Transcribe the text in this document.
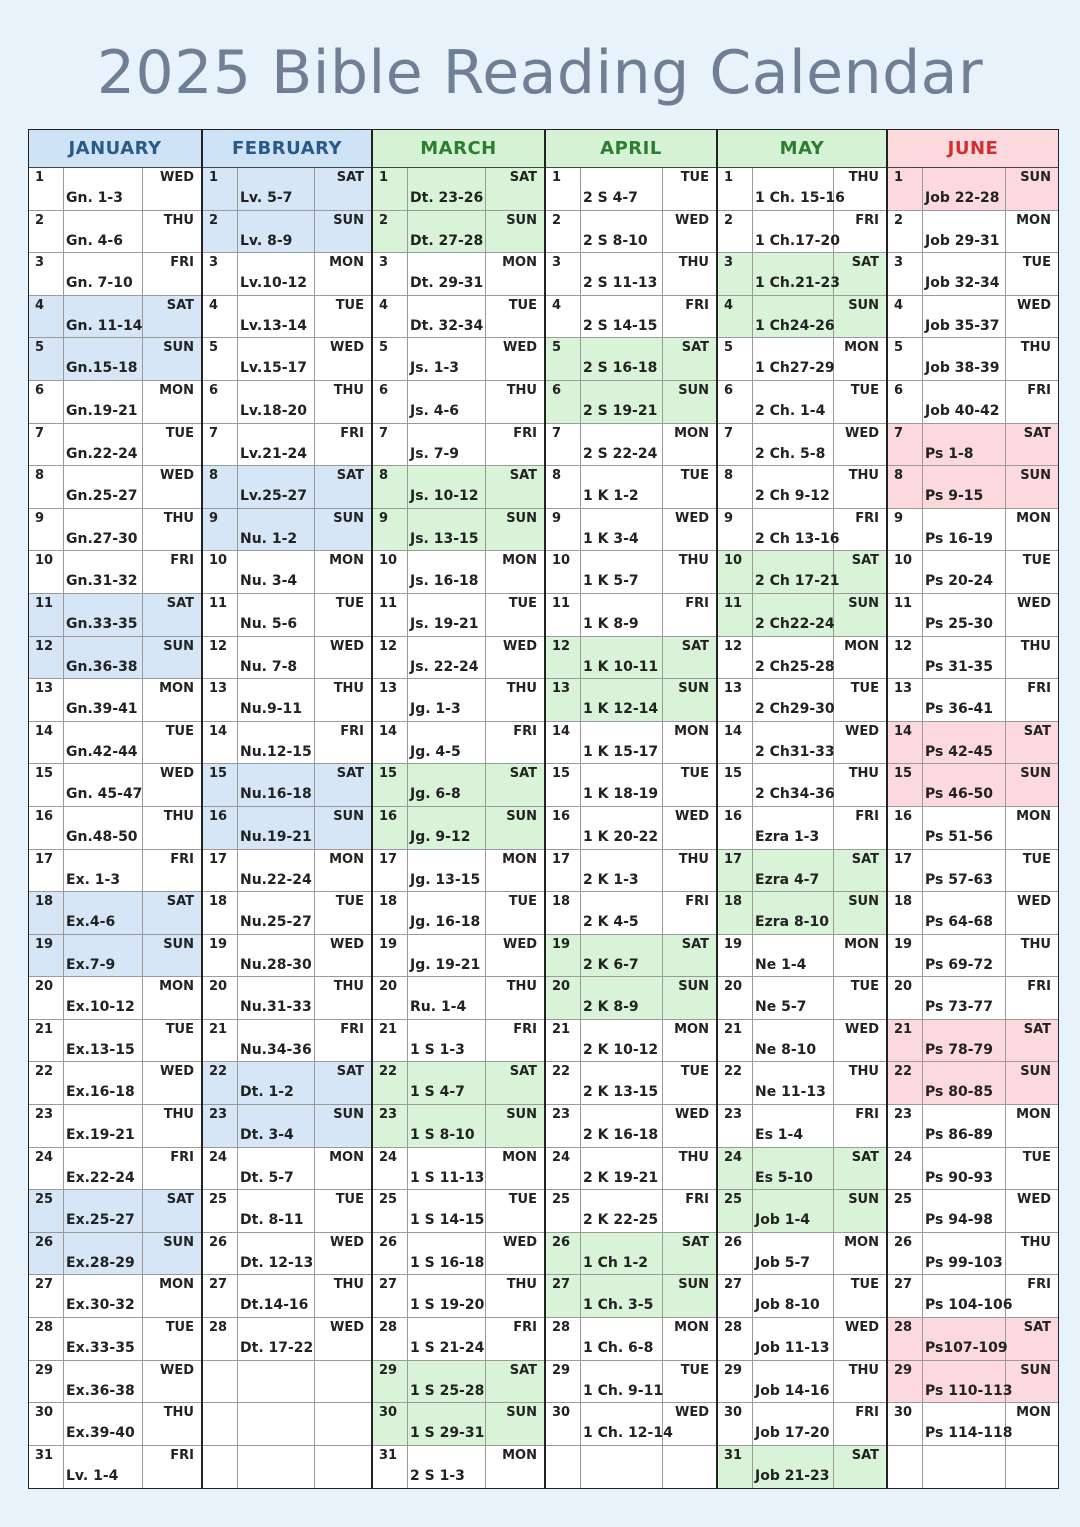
2025 Bible Reading Calendar
JANUARY
1
Gn. 1-3
WED
2
Gn. 4-6
THU
3
Gn. 7-10
FRI
4
Gn. 11-14
SAT
5
Gn.15-18
SUN
6
Gn.19-21
MON
7
Gn.22-24
TUE
8
Gn.25-27
WED
9
Gn.27-30
THU
10
Gn.31-32
FRI
11
Gn.33-35
SAT
12
Gn.36-38
SUN
13
Gn.39-41
MON
14
Gn.42-44
TUE
15
Gn. 45-47
WED
16
Gn.48-50
THU
17
Ex. 1-3
FRI
18
Ex.4-6
SAT
19
Ex.7-9
SUN
20
Ex.10-12
MON
21
Ex.13-15
TUE
22
Ex.16-18
WED
23
Ex.19-21
THU
24
Ex.22-24
FRI
25
Ex.25-27
SAT
26
Ex.28-29
SUN
27
Ex.30-32
MON
28
Ex.33-35
TUE
29
Ex.36-38
WED
30
Ex.39-40
THU
31
Lv. 1-4
FRI
FEBRUARY
1
Lv. 5-7
SAT
2
Lv. 8-9
SUN
3
Lv.10-12
MON
4
Lv.13-14
TUE
5
Lv.15-17
WED
6
Lv.18-20
THU
7
Lv.21-24
FRI
8
Lv.25-27
SAT
9
Nu. 1-2
SUN
10
Nu. 3-4
MON
11
Nu. 5-6
TUE
12
Nu. 7-8
WED
13
Nu.9-11
THU
14
Nu.12-15
FRI
15
Nu.16-18
SAT
16
Nu.19-21
SUN
17
Nu.22-24
MON
18
Nu.25-27
TUE
19
Nu.28-30
WED
20
Nu.31-33
THU
21
Nu.34-36
FRI
22
Dt. 1-2
SAT
23
Dt. 3-4
SUN
24
Dt. 5-7
MON
25
Dt. 8-11
TUE
26
Dt. 12-13
WED
27
Dt.14-16
THU
28
Dt. 17-22
WED
MARCH
1
Dt. 23-26
SAT
2
Dt. 27-28
SUN
3
Dt. 29-31
MON
4
Dt. 32-34
TUE
5
Js. 1-3
WED
6
Js. 4-6
THU
7
Js. 7-9
FRI
8
Js. 10-12
SAT
9
Js. 13-15
SUN
10
Js. 16-18
MON
11
Js. 19-21
TUE
12
Js. 22-24
WED
13
Jg. 1-3
THU
14
Jg. 4-5
FRI
15
Jg. 6-8
SAT
16
Jg. 9-12
SUN
17
Jg. 13-15
MON
18
Jg. 16-18
TUE
19
Jg. 19-21
WED
20
Ru. 1-4
THU
21
1 S 1-3
FRI
22
1 S 4-7
SAT
23
1 S 8-10
SUN
24
1 S 11-13
MON
25
1 S 14-15
TUE
26
1 S 16-18
WED
27
1 S 19-20
THU
28
1 S 21-24
FRI
29
1 S 25-28
SAT
30
1 S 29-31
SUN
31
2 S 1-3
MON
APRIL
1
2 S 4-7
TUE
2
2 S 8-10
WED
3
2 S 11-13
THU
4
2 S 14-15
FRI
5
2 S 16-18
SAT
6
2 S 19-21
SUN
7
2 S 22-24
MON
8
1 K 1-2
TUE
9
1 K 3-4
WED
10
1 K 5-7
THU
11
1 K 8-9
FRI
12
1 K 10-11
SAT
13
1 K 12-14
SUN
14
1 K 15-17
MON
15
1 K 18-19
TUE
16
1 K 20-22
WED
17
2 K 1-3
THU
18
2 K 4-5
FRI
19
2 K 6-7
SAT
20
2 K 8-9
SUN
21
2 K 10-12
MON
22
2 K 13-15
TUE
23
2 K 16-18
WED
24
2 K 19-21
THU
25
2 K 22-25
FRI
26
1 Ch 1-2
SAT
27
1 Ch. 3-5
SUN
28
1 Ch. 6-8
MON
29
1 Ch. 9-11
TUE
30
1 Ch. 12-14
WED
MAY
1
1 Ch. 15-16
THU
2
1 Ch.17-20
FRI
3
1 Ch.21-23
SAT
4
1 Ch24-26
SUN
5
1 Ch27-29
MON
6
2 Ch. 1-4
TUE
7
2 Ch. 5-8
WED
8
2 Ch 9-12
THU
9
2 Ch 13-16
FRI
10
2 Ch 17-21
SAT
11
2 Ch22-24
SUN
12
2 Ch25-28
MON
13
2 Ch29-30
TUE
14
2 Ch31-33
WED
15
2 Ch34-36
THU
16
Ezra 1-3
FRI
17
Ezra 4-7
SAT
18
Ezra 8-10
SUN
19
Ne 1-4
MON
20
Ne 5-7
TUE
21
Ne 8-10
WED
22
Ne 11-13
THU
23
Es 1-4
FRI
24
Es 5-10
SAT
25
Job 1-4
SUN
26
Job 5-7
MON
27
Job 8-10
TUE
28
Job 11-13
WED
29
Job 14-16
THU
30
Job 17-20
FRI
31
Job 21-23
SAT
JUNE
1
Job 22-28
SUN
2
Job 29-31
MON
3
Job 32-34
TUE
4
Job 35-37
WED
5
Job 38-39
THU
6
Job 40-42
FRI
7
Ps 1-8
SAT
8
Ps 9-15
SUN
9
Ps 16-19
MON
10
Ps 20-24
TUE
11
Ps 25-30
WED
12
Ps 31-35
THU
13
Ps 36-41
FRI
14
Ps 42-45
SAT
15
Ps 46-50
SUN
16
Ps 51-56
MON
17
Ps 57-63
TUE
18
Ps 64-68
WED
19
Ps 69-72
THU
20
Ps 73-77
FRI
21
Ps 78-79
SAT
22
Ps 80-85
SUN
23
Ps 86-89
MON
24
Ps 90-93
TUE
25
Ps 94-98
WED
26
Ps 99-103
THU
27
Ps 104-106
FRI
28
Ps107-109
SAT
29
Ps 110-113
SUN
30
Ps 114-118
MON
